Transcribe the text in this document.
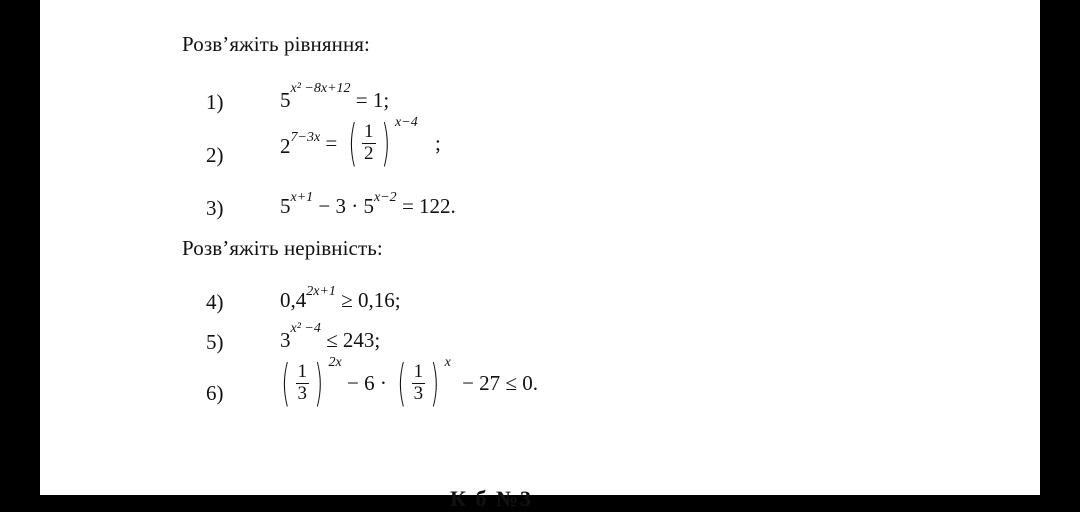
Розв’яжіть рівняння:
1)	$5^{x^2 -8x+12} = 1$;
2)	$2^{7-3x}$ = ( $\frac{1}{2}$ ) $^{x-4}$ ;
3)	$5^{x+1} - 3 \cdot 5^{x-2} = 122$.
Розв’яжіть нерівність:
4)	$0,4^{2x+1} \ge 0,16$;
5)	$3^{x^2 -4} \le 243$;
6) ( $\frac{1}{3}$ ) $^{2x}$ − 6 · ( $\frac{1}{3}$ ) $^x$ − 27 ≤ 0.
К б №3
